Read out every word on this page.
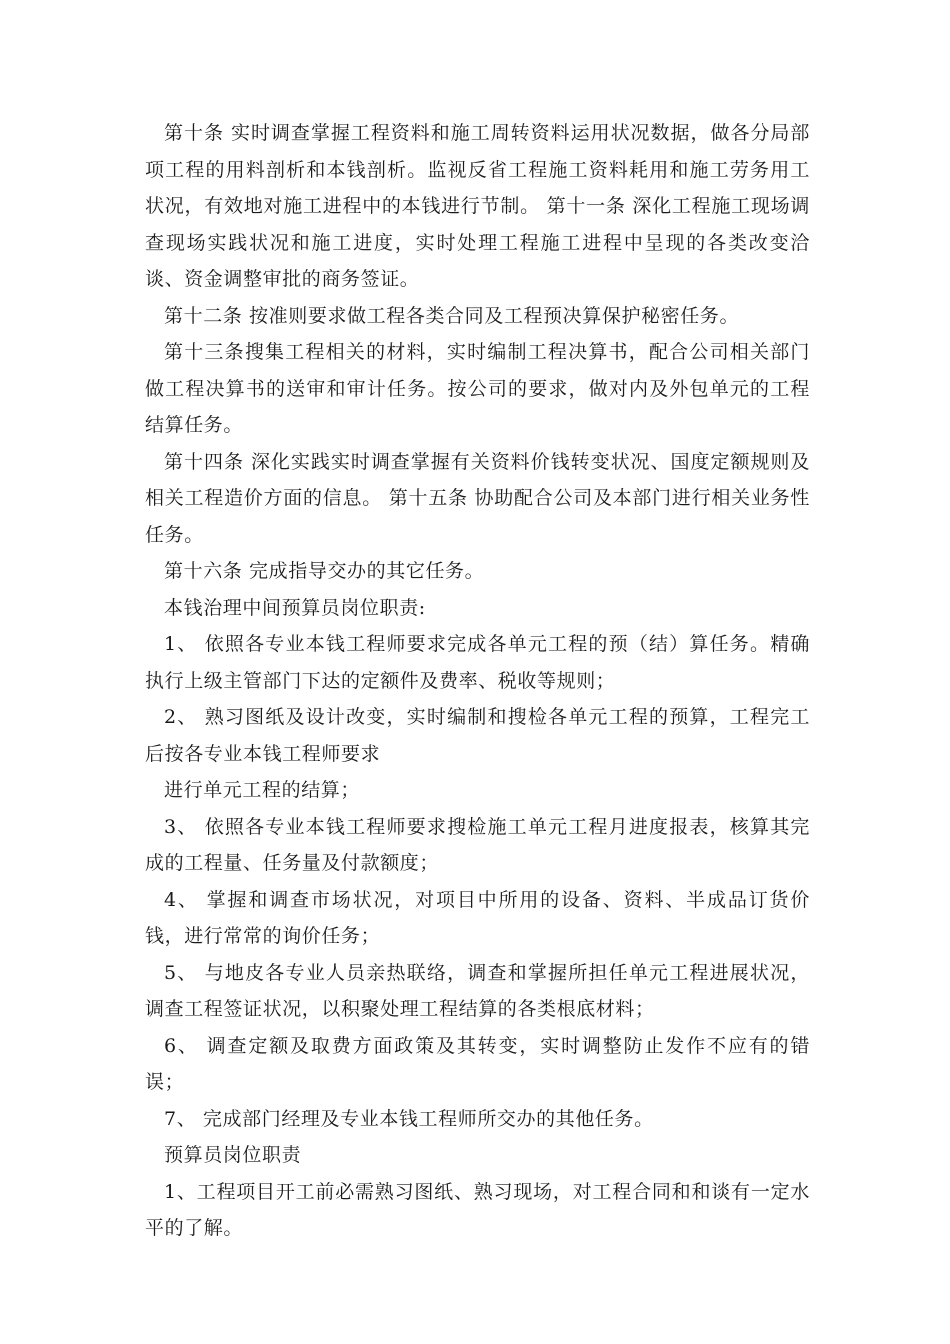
第十条 实时调查掌握工程资料和施工周转资料运用状况数据，做各分局部项工程的用料剖析和本钱剖析。监视反省工程施工资料耗用和施工劳务用工状况，有效地对施工进程中的本钱进行节制。 第十一条 深化工程施工现场调查现场实践状况和施工进度，实时处理工程施工进程中呈现的各类改变洽谈、资金调整审批的商务签证。

第十二条 按准则要求做工程各类合同及工程预决算保护秘密任务。

第十三条搜集工程相关的材料，实时编制工程决算书，配合公司相关部门做工程决算书的送审和审计任务。按公司的要求，做对内及外包单元的工程结算任务。

第十四条 深化实践实时调查掌握有关资料价钱转变状况、国度定额规则及相关工程造价方面的信息。 第十五条 协助配合公司及本部门进行相关业务性任务。

第十六条 完成指导交办的其它任务。

本钱治理中间预算员岗位职责:

1、 依照各专业本钱工程师要求完成各单元工程的预（结）算任务。精确执行上级主管部门下达的定额件及费率、税收等规则；

2、 熟习图纸及设计改变，实时编制和搜检各单元工程的预算，工程完工后按各专业本钱工程师要求

进行单元工程的结算；

3、 依照各专业本钱工程师要求搜检施工单元工程月进度报表，核算其完成的工程量、任务量及付款额度；

4、 掌握和调查市场状况，对项目中所用的设备、资料、半成品订货价钱，进行常常的询价任务；

5、 与地皮各专业人员亲热联络，调查和掌握所担任单元工程进展状况，调查工程签证状况，以积聚处理工程结算的各类根底材料；

6、 调查定额及取费方面政策及其转变，实时调整防止发作不应有的错误；

7、 完成部门经理及专业本钱工程师所交办的其他任务。

预算员岗位职责

1、工程项目开工前必需熟习图纸、熟习现场，对工程合同和和谈有一定水平的了解。
